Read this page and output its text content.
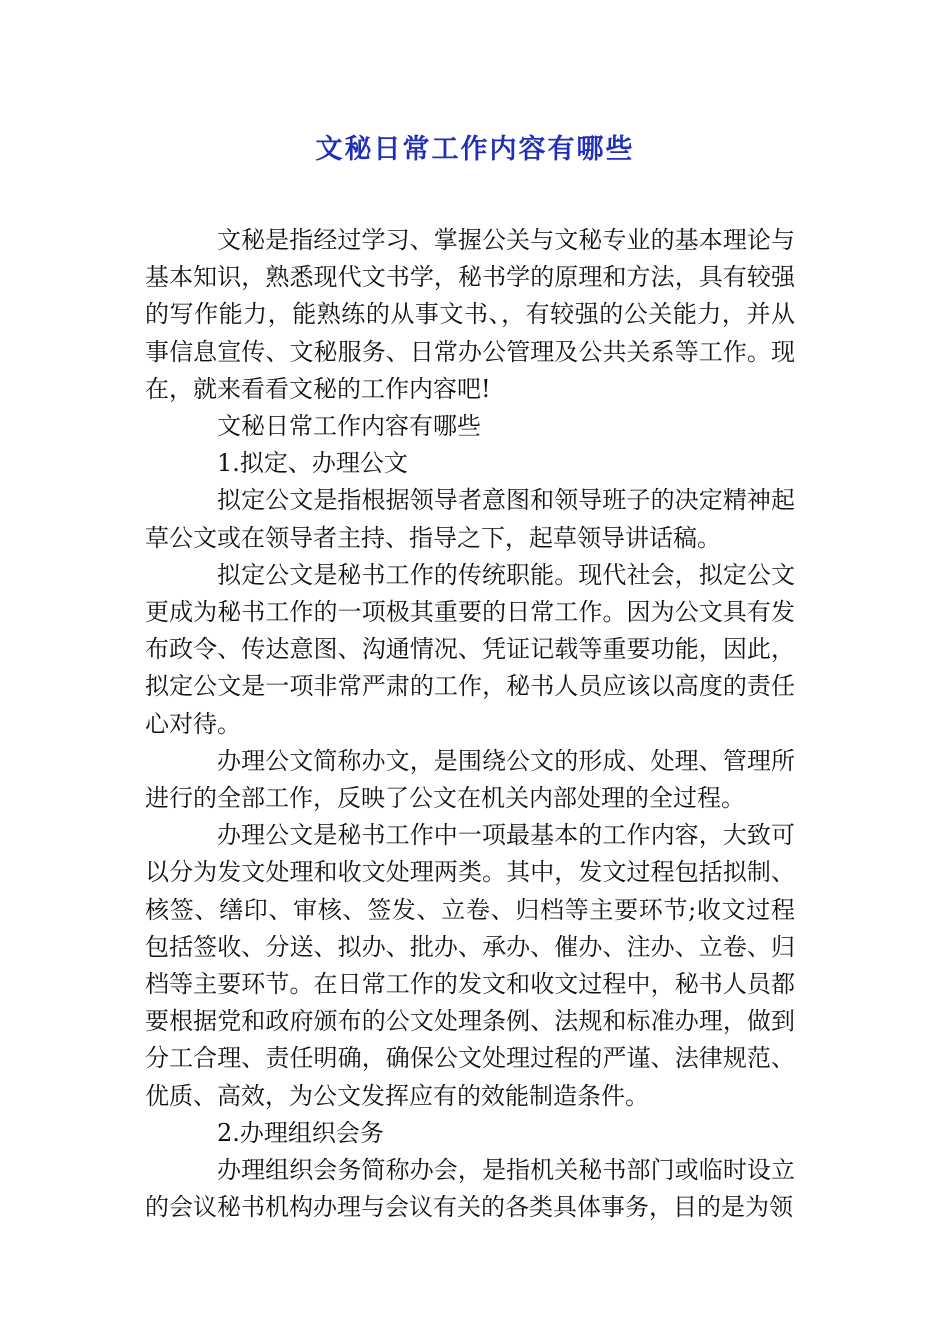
文秘日常工作内容有哪些

文秘是指经过学习、掌握公关与文秘专业的基本理论与基本知识，熟悉现代文书学，秘书学的原理和方法，具有较强的写作能力，能熟练的从事文书、，有较强的公关能力，并从事信息宣传、文秘服务、日常办公管理及公共关系等工作。现在，就来看看文秘的工作内容吧!

文秘日常工作内容有哪些

1.拟定、办理公文

拟定公文是指根据领导者意图和领导班子的决定精神起草公文或在领导者主持、指导之下，起草领导讲话稿。

拟定公文是秘书工作的传统职能。现代社会，拟定公文更成为秘书工作的一项极其重要的日常工作。因为公文具有发布政令、传达意图、沟通情况、凭证记载等重要功能，因此，拟定公文是一项非常严肃的工作，秘书人员应该以高度的责任心对待。

办理公文简称办文，是围绕公文的形成、处理、管理所进行的全部工作，反映了公文在机关内部处理的全过程。

办理公文是秘书工作中一项最基本的工作内容，大致可以分为发文处理和收文处理两类。其中，发文过程包括拟制、核签、缮印、审核、签发、立卷、归档等主要环节;收文过程包括签收、分送、拟办、批办、承办、催办、注办、立卷、归档等主要环节。在日常工作的发文和收文过程中，秘书人员都要根据党和政府颁布的公文处理条例、法规和标准办理，做到分工合理、责任明确，确保公文处理过程的严谨、法律规范、优质、高效，为公文发挥应有的效能制造条件。

2.办理组织会务

办理组织会务简称办会，是指机关秘书部门或临时设立的会议秘书机构办理与会议有关的各类具体事务，目的是为领
